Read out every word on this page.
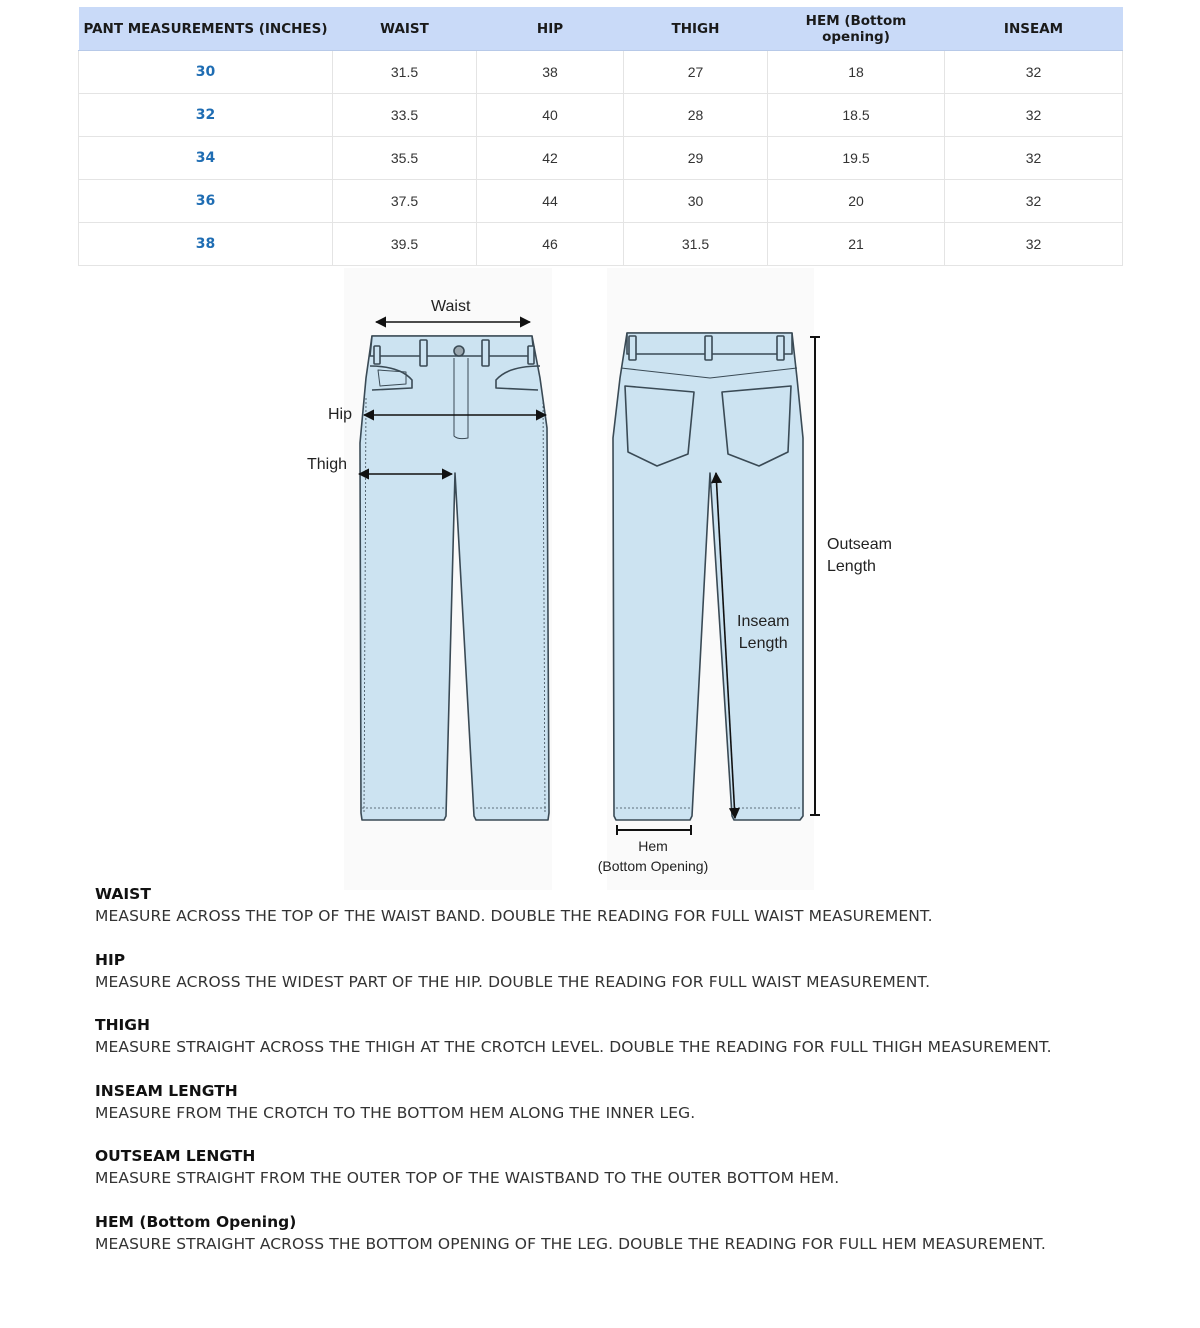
PANT MEASUREMENTS (INCHES)	WAIST	HIP	THIGH	HEM (Bottom opening)	INSEAM
30	31.5	38	27	18	32
32	33.5	40	28	18.5	32
34	35.5	42	29	19.5	32
36	37.5	44	30	20	32
38	39.5	46	31.5	21	32
Waist
Hip
Thigh
Outseam
Length
Inseam
Length
Hem
(Bottom Opening)
WAIST
MEASURE ACROSS THE TOP OF THE WAIST BAND. DOUBLE THE READING FOR FULL WAIST MEASUREMENT.
HIP
MEASURE ACROSS THE WIDEST PART OF THE HIP. DOUBLE THE READING FOR FULL WAIST MEASUREMENT.
THIGH
MEASURE STRAIGHT ACROSS THE THIGH AT THE CROTCH LEVEL. DOUBLE THE READING FOR FULL THIGH MEASUREMENT.
INSEAM LENGTH
MEASURE FROM THE CROTCH TO THE BOTTOM HEM ALONG THE INNER LEG.
OUTSEAM LENGTH
MEASURE STRAIGHT FROM THE OUTER TOP OF THE WAISTBAND TO THE OUTER BOTTOM HEM.
HEM (Bottom Opening)
MEASURE STRAIGHT ACROSS THE BOTTOM OPENING OF THE LEG. DOUBLE THE READING FOR FULL HEM MEASUREMENT.
